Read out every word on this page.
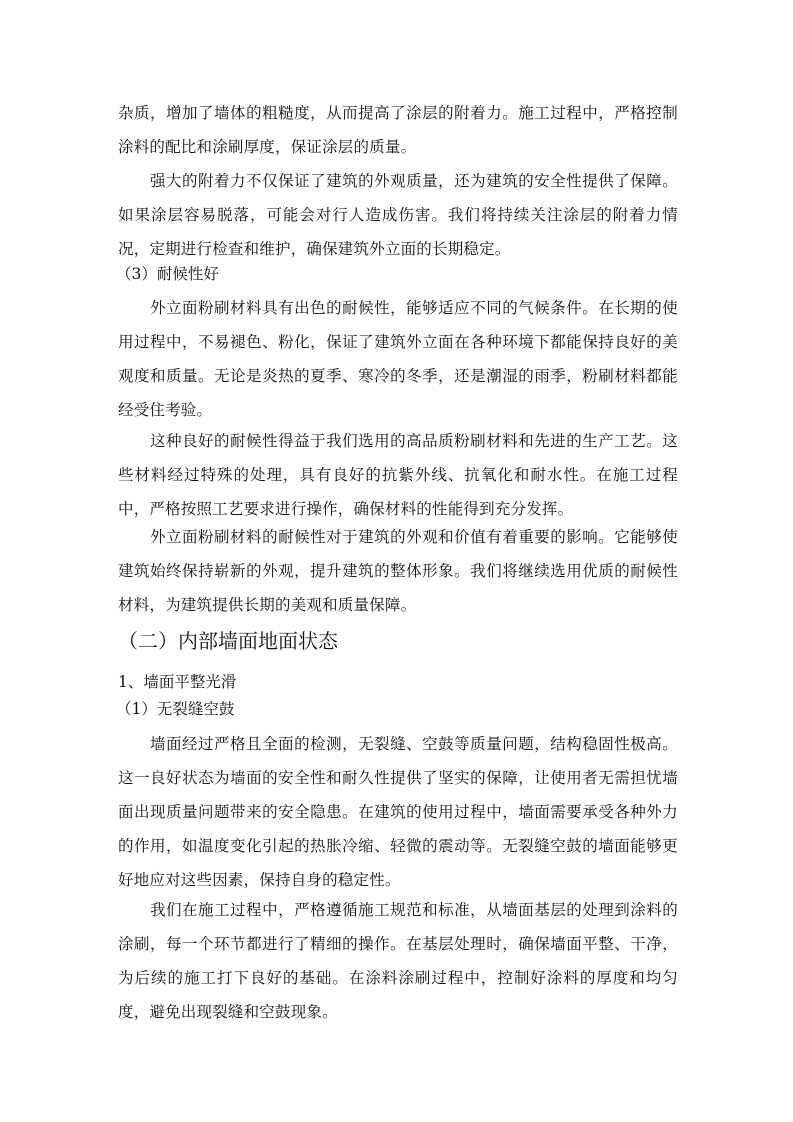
杂质，增加了墙体的粗糙度，从而提高了涂层的附着力。施工过程中，严格控制涂料的配比和涂刷厚度，保证涂层的质量。

强大的附着力不仅保证了建筑的外观质量，还为建筑的安全性提供了保障。如果涂层容易脱落，可能会对行人造成伤害。我们将持续关注涂层的附着力情况，定期进行检查和维护，确保建筑外立面的长期稳定。

（3）耐候性好

外立面粉刷材料具有出色的耐候性，能够适应不同的气候条件。在长期的使用过程中，不易褪色、粉化，保证了建筑外立面在各种环境下都能保持良好的美观度和质量。无论是炎热的夏季、寒冷的冬季，还是潮湿的雨季，粉刷材料都能经受住考验。

这种良好的耐候性得益于我们选用的高品质粉刷材料和先进的生产工艺。这些材料经过特殊的处理，具有良好的抗紫外线、抗氧化和耐水性。在施工过程中，严格按照工艺要求进行操作，确保材料的性能得到充分发挥。

外立面粉刷材料的耐候性对于建筑的外观和价值有着重要的影响。它能够使建筑始终保持崭新的外观，提升建筑的整体形象。我们将继续选用优质的耐候性材料，为建筑提供长期的美观和质量保障。

（二）内部墙面地面状态

1、墙面平整光滑

（1）无裂缝空鼓

墙面经过严格且全面的检测，无裂缝、空鼓等质量问题，结构稳固性极高。这一良好状态为墙面的安全性和耐久性提供了坚实的保障，让使用者无需担忧墙面出现质量问题带来的安全隐患。在建筑的使用过程中，墙面需要承受各种外力的作用，如温度变化引起的热胀冷缩、轻微的震动等。无裂缝空鼓的墙面能够更好地应对这些因素，保持自身的稳定性。

我们在施工过程中，严格遵循施工规范和标准，从墙面基层的处理到涂料的涂刷，每一个环节都进行了精细的操作。在基层处理时，确保墙面平整、干净，为后续的施工打下良好的基础。在涂料涂刷过程中，控制好涂料的厚度和均匀度，避免出现裂缝和空鼓现象。
